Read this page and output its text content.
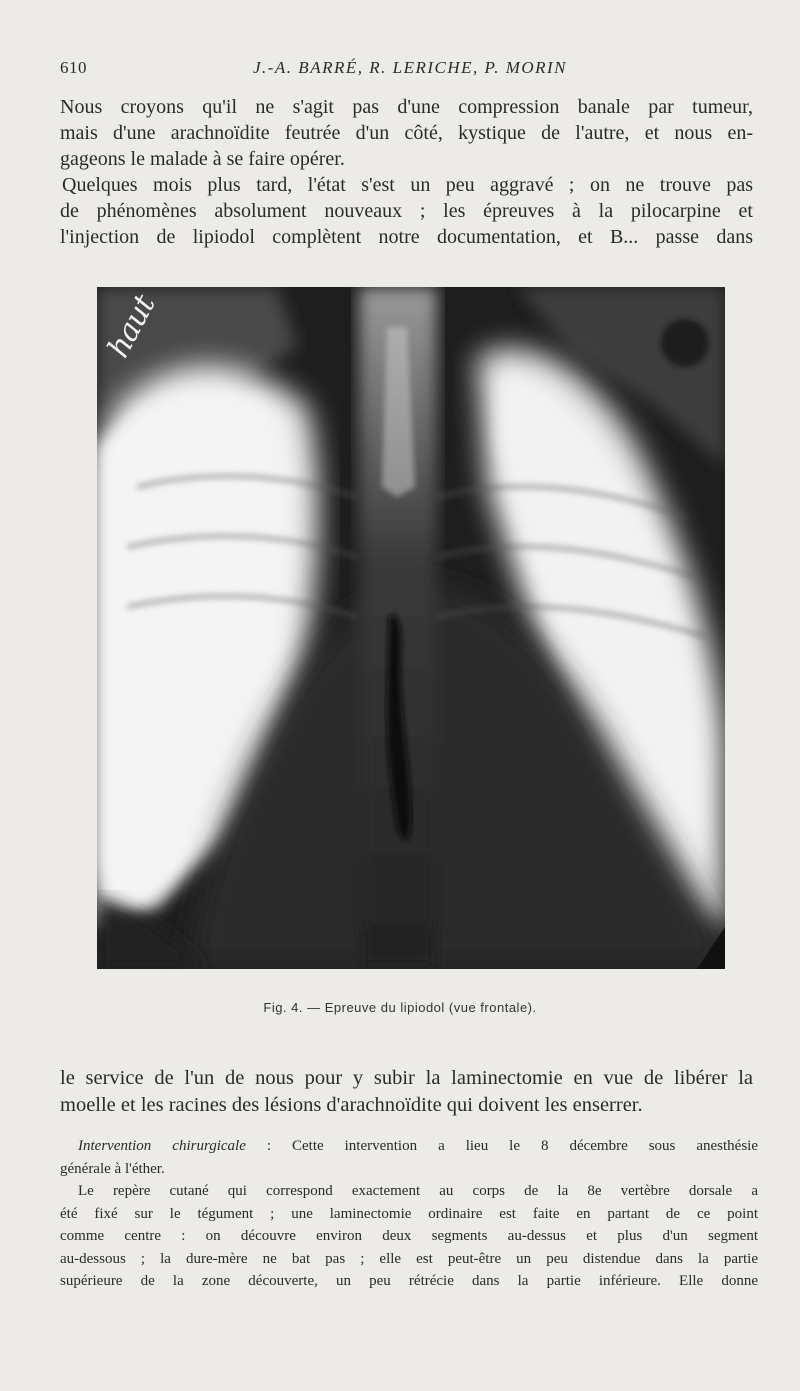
610	J.-A. BARRÉ, R. LERICHE, P. MORIN
Nous croyons qu'il ne s'agit pas d'une compression banale par tumeur,
mais d'une arachnoïdite feutrée d'un côté, kystique de l'autre, et nous en-
gageons le malade à se faire opérer.
Quelques mois plus tard, l'état s'est un peu aggravé ; on ne trouve pas
de phénomènes absolument nouveaux ; les épreuves à la pilocarpine et
l'injection de lipiodol complètent notre documentation, et B... passe dans
haut
Fig. 4. — Epreuve du lipiodol (vue frontale).
le service de l'un de nous pour y subir la laminectomie en vue de libérer la
moelle et les racines des lésions d'arachnoïdite qui doivent les enserrer.
Intervention chirurgicale : Cette intervention a lieu le 8 décembre sous anesthésie
générale à l'éther.
Le repère cutané qui correspond exactement au corps de la 8e vertèbre dorsale a
été fixé sur le tégument ; une laminectomie ordinaire est faite en partant de ce point
comme centre : on découvre environ deux segments au-dessus et plus d'un segment
au-dessous ; la dure-mère ne bat pas ; elle est peut-être un peu distendue dans la partie
supérieure de la zone découverte, un peu rétrécie dans la partie inférieure. Elle donne
